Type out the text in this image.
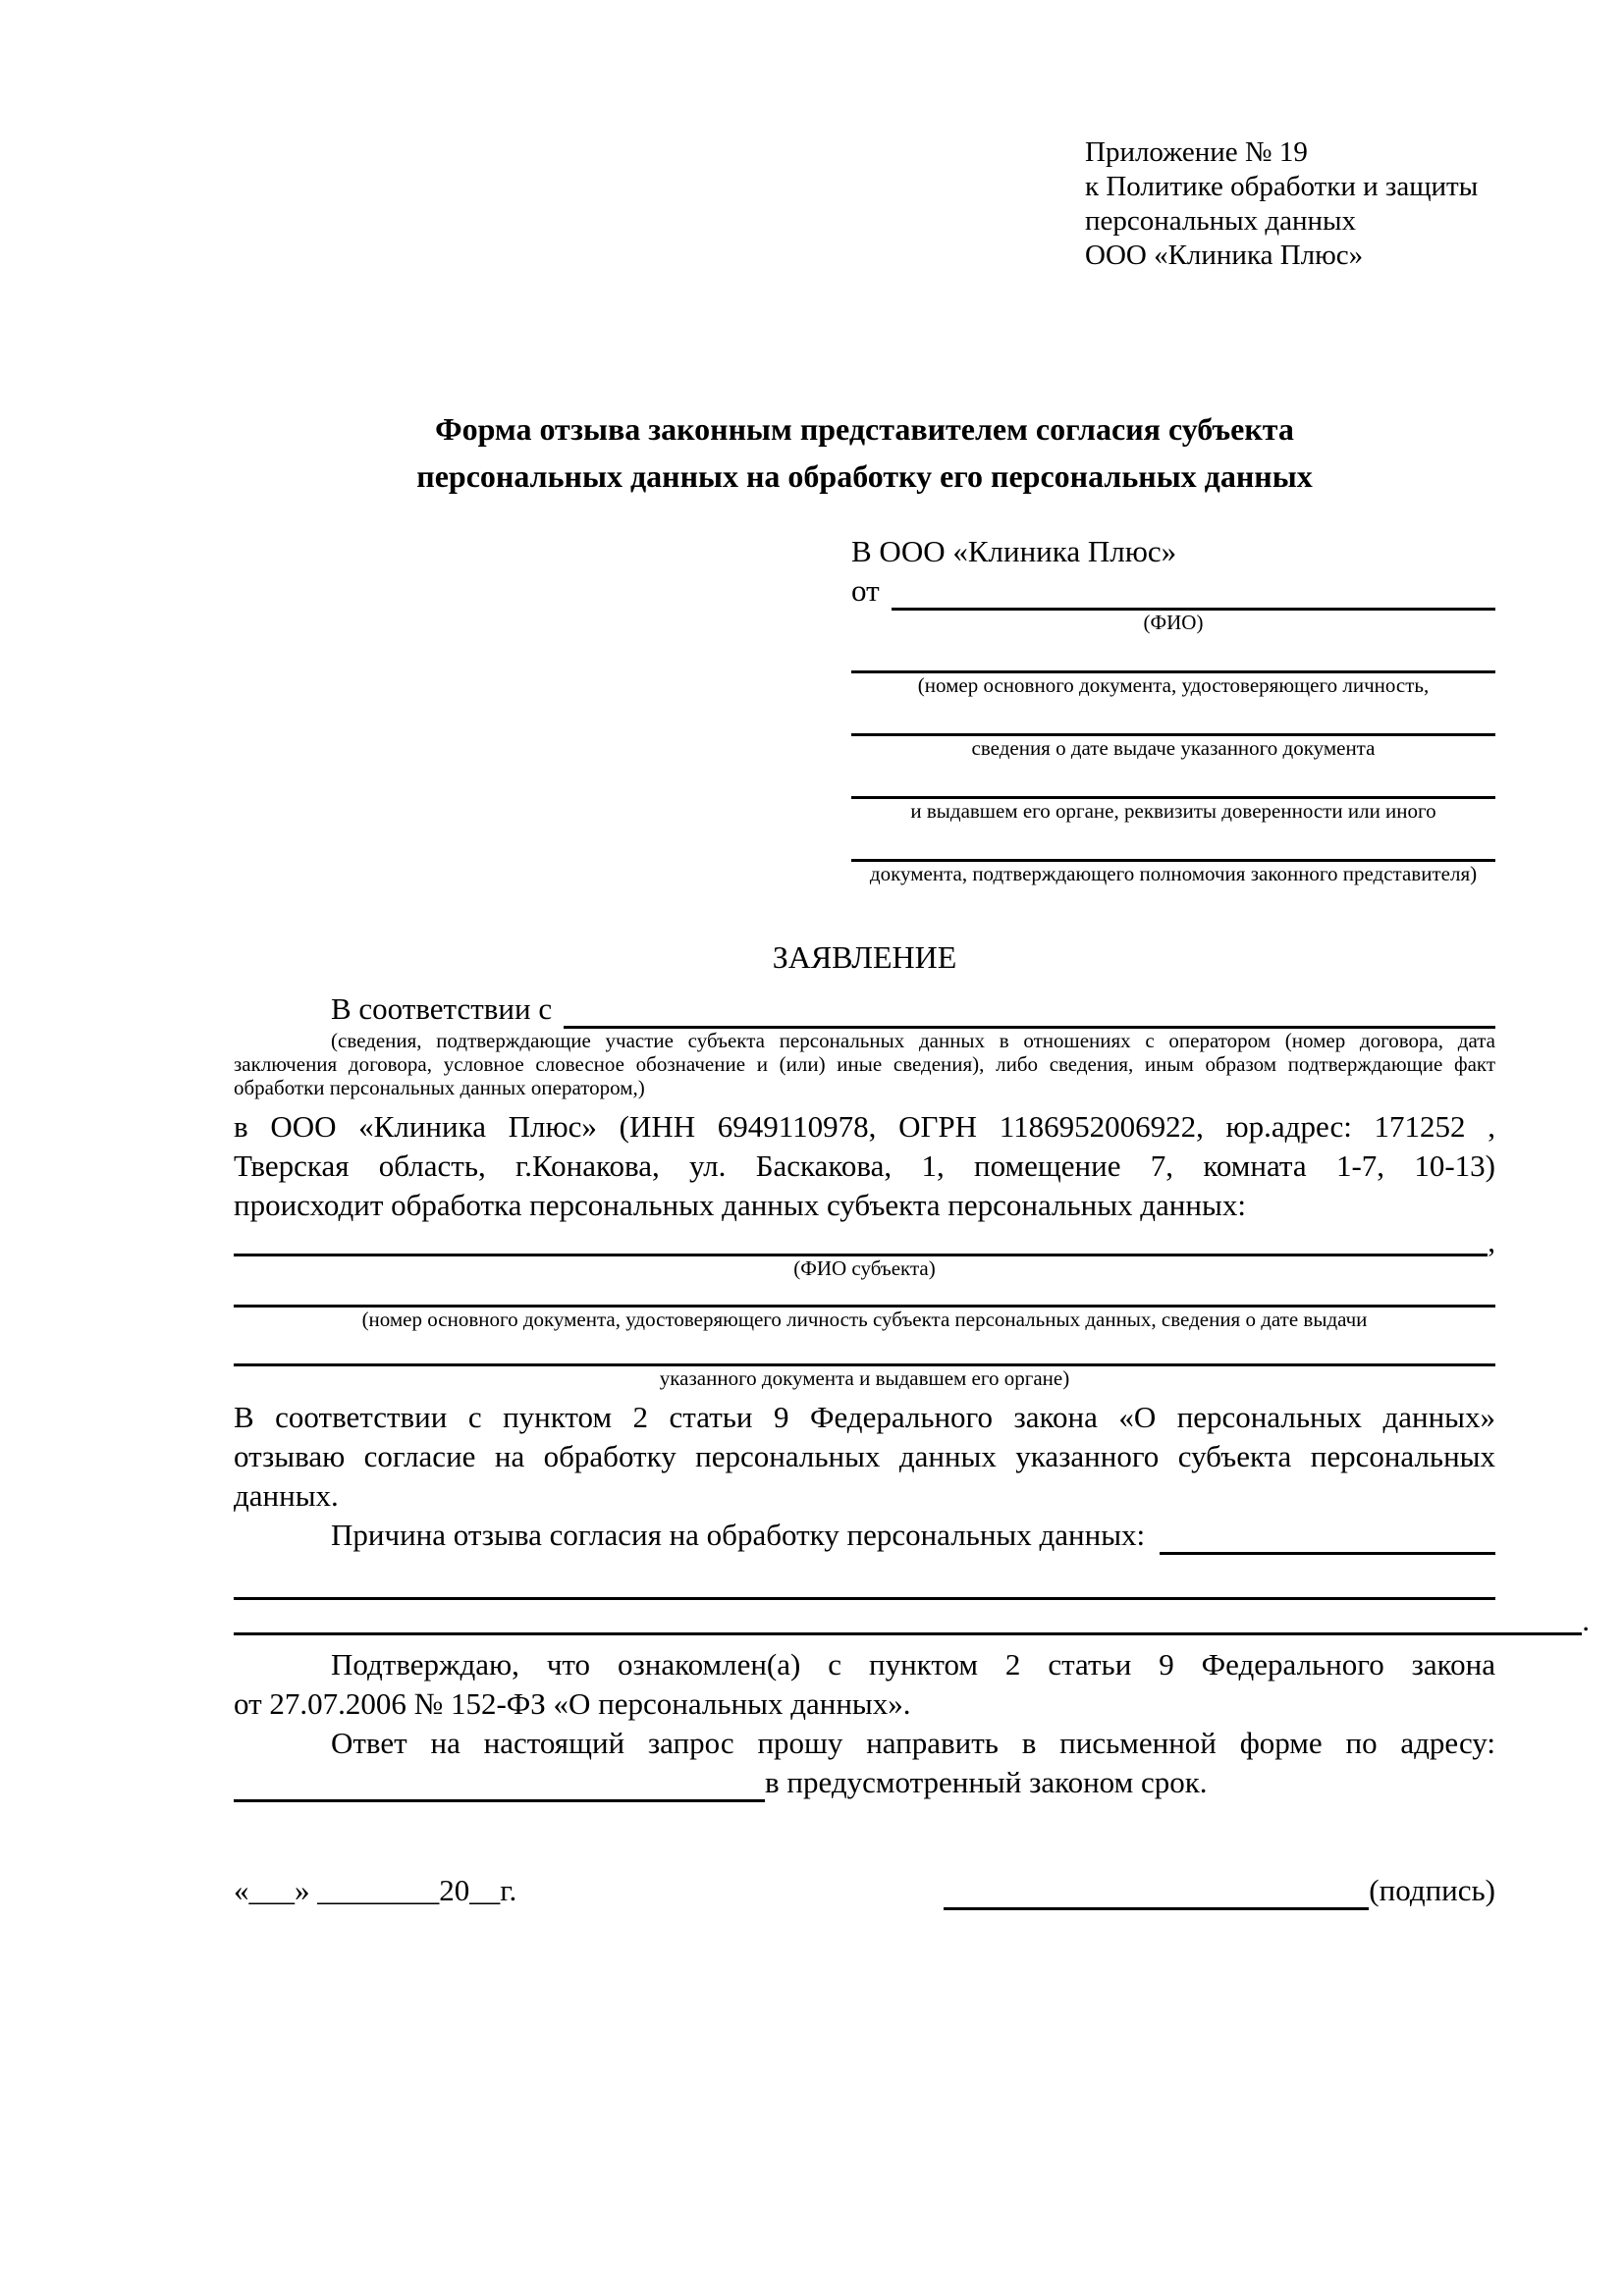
Приложение № 19
к Политике обработки и защиты
персональных данных
ООО «Клиника Плюс»
Форма отзыва законным представителем согласия субъекта
персональных данных на обработку его персональных данных
В ООО «Клиника Плюс»
от
(ФИО)
(номер основного документа, удостоверяющего личность,
сведения о дате выдаче указанного документа
и выдавшем его органе, реквизиты доверенности или иного
документа, подтверждающего полномочия законного представителя)
ЗАЯВЛЕНИЕ
В соответствии с
(сведения, подтверждающие участие субъекта персональных данных в отношениях с оператором (номер договора, дата
заключения договора, условное словесное обозначение и (или) иные сведения), либо сведения, иным образом подтверждающие факт
обработки персональных данных оператором,)
в ООО «Клиника Плюс» (ИНН 6949110978, ОГРН 1186952006922, юр.адрес: 171252 ,
Тверская область, г.Конакова, ул. Баскакова, 1, помещение 7, комната 1-7, 10-13)
происходит обработка персональных данных субъекта персональных данных:
,
(ФИО субъекта)
(номер основного документа, удостоверяющего личность субъекта персональных данных, сведения о дате выдачи
указанного документа и выдавшем его органе)
В соответствии с пунктом 2 статьи 9 Федерального закона «О персональных данных»
отзываю согласие на обработку персональных данных указанного субъекта персональных
данных.
Причина отзыва согласия на обработку персональных данных:
.
Подтверждаю, что ознакомлен(а) с пунктом 2 статьи 9 Федерального закона
от 27.07.2006 № 152-ФЗ «О персональных данных».
Ответ на настоящий запрос прошу направить в письменной форме по адресу:
в предусмотренный законом срок.
«___» ________20__г.	(подпись)
